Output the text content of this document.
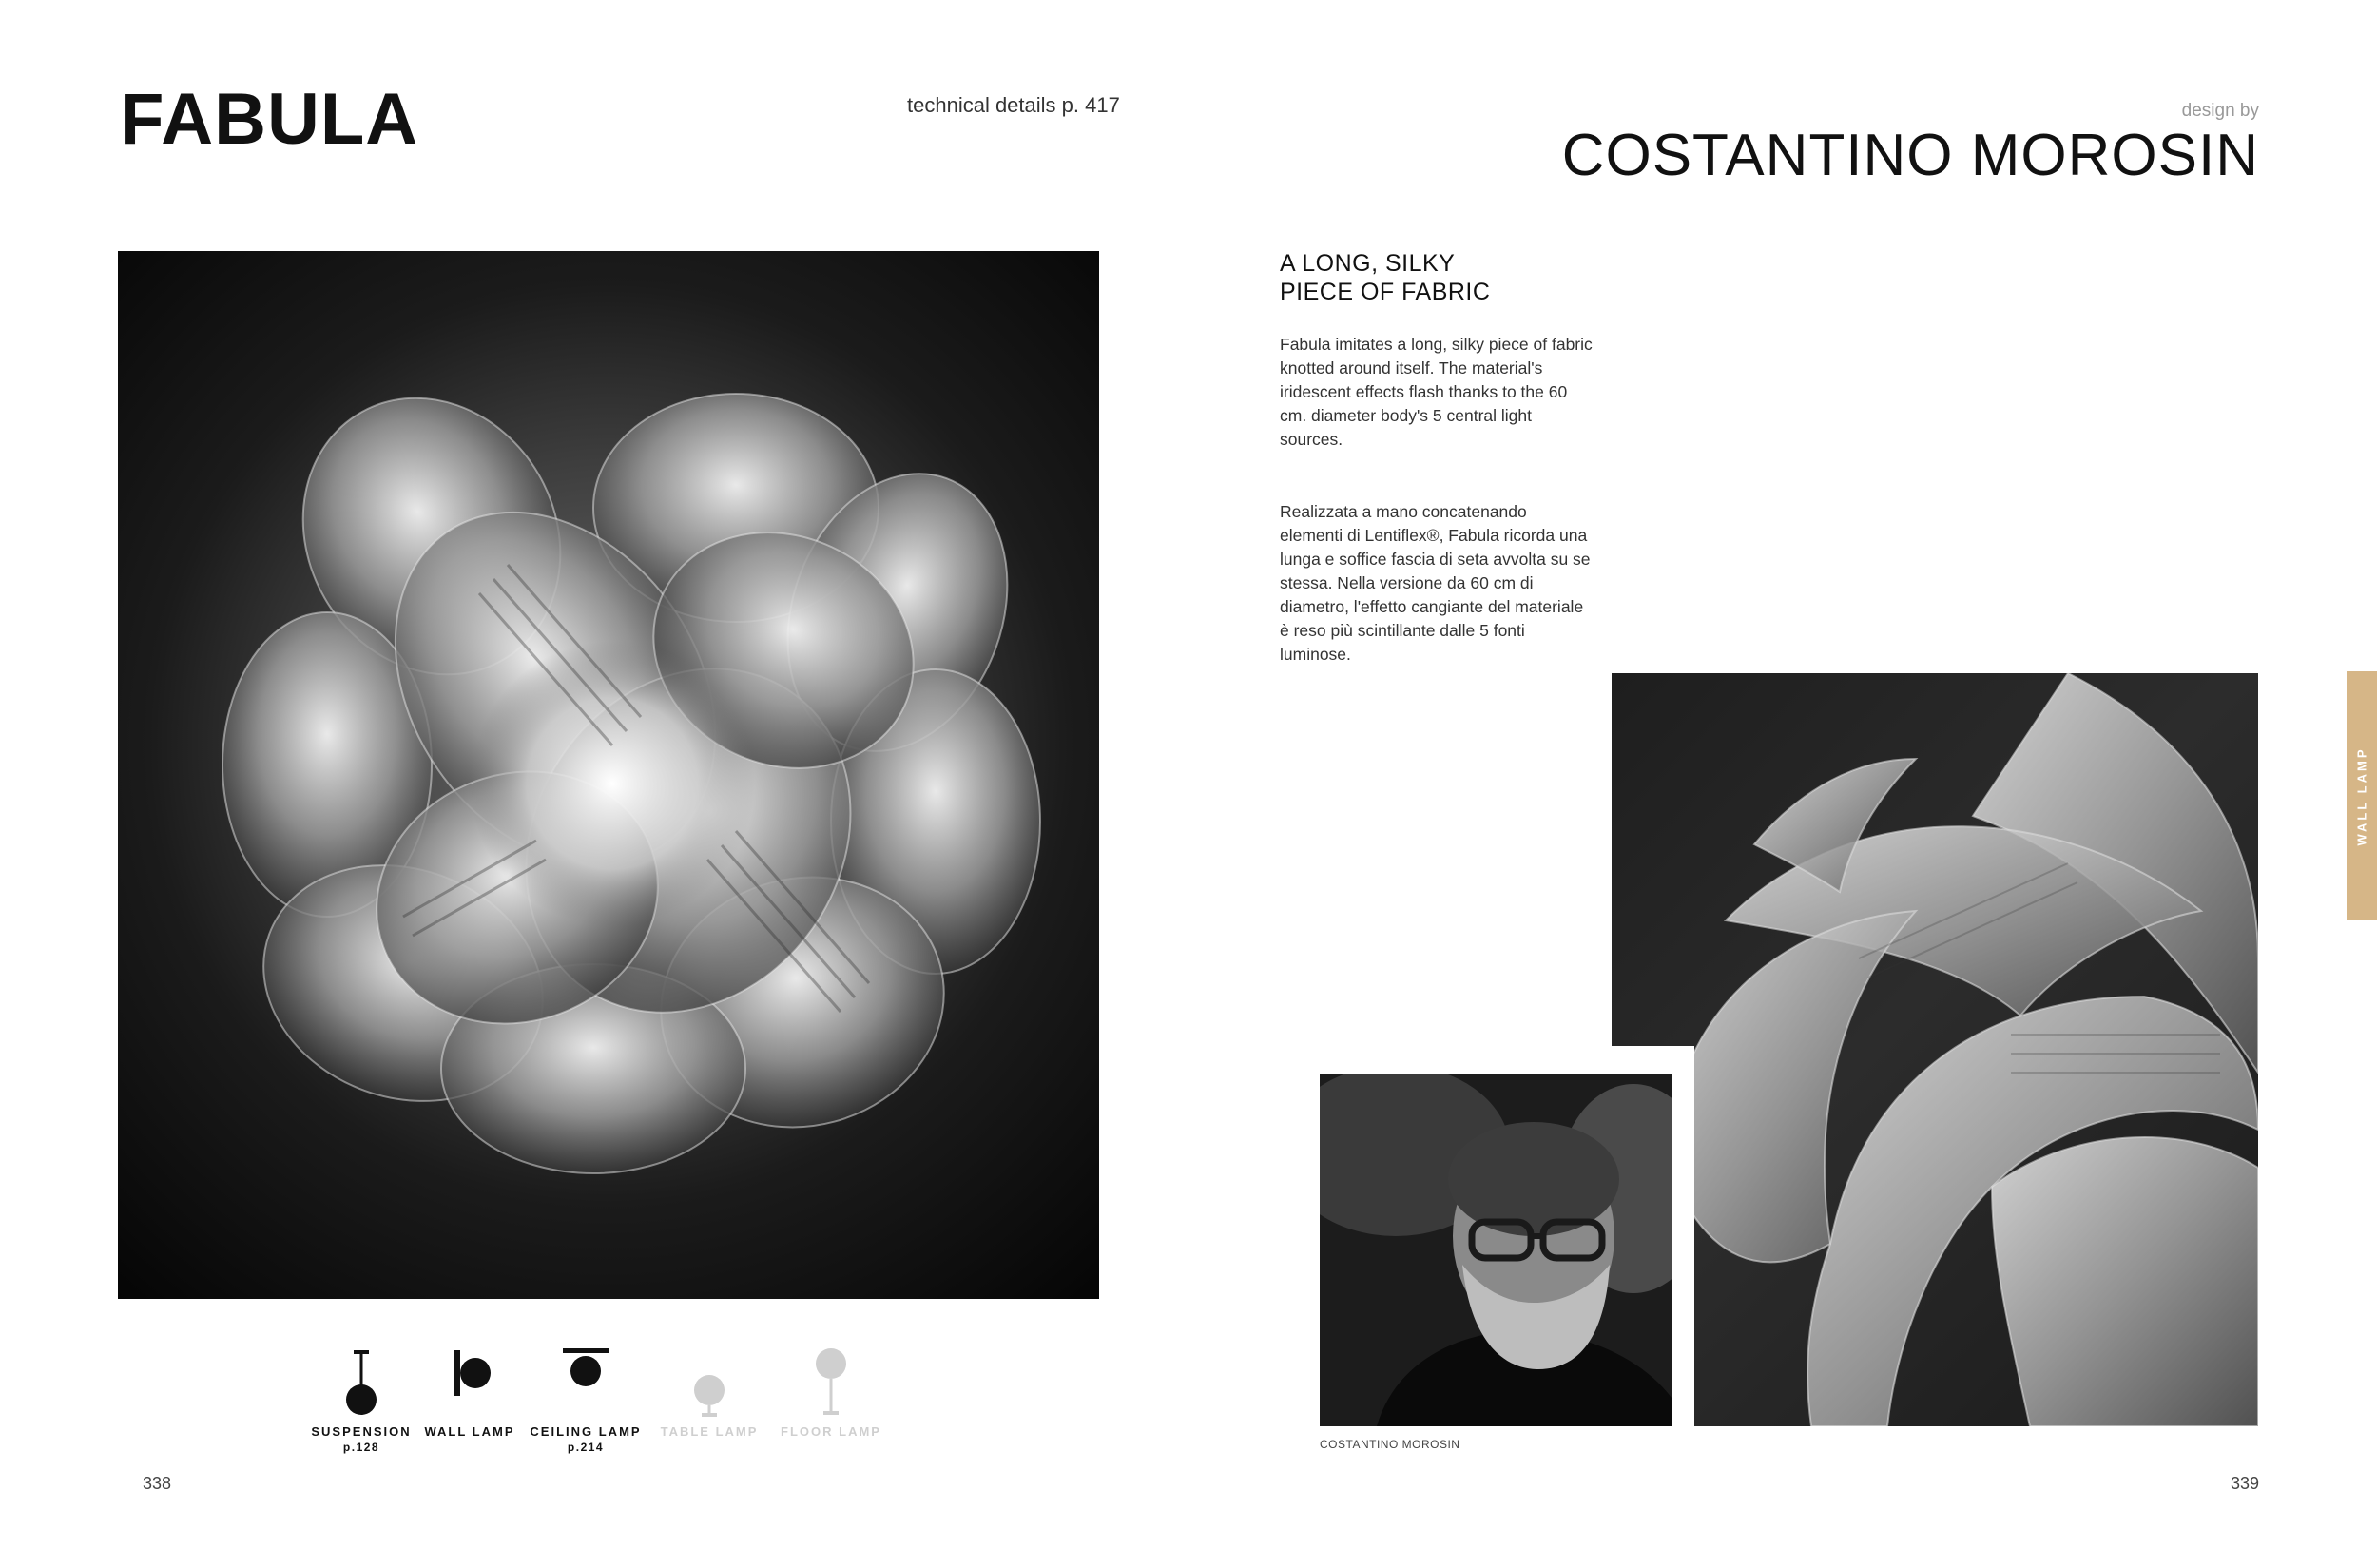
FABULA	technical details p. 417	design by
COSTANTINO MOROSIN
A LONG, SILKY
PIECE OF FABRIC
Fabula imitates a long, silky piece of fabric knotted around itself. The material's iridescent effects flash thanks to the 60 cm. diameter body's 5 central light sources.
Realizzata a mano concatenando elementi di Lentiflex®, Fabula ricorda una lunga e soffice fascia di seta avvolta su se stessa. Nella versione da 60 cm di diametro, l'effetto cangiante del materiale è reso più scintillante dalle 5 fonti luminose.
COSTANTINO MOROSIN
WALL LAMP
SUSPENSION
p.128
WALL LAMP	CEILING LAMP
p.214
TABLE LAMP	FLOOR LAMP
338	339
